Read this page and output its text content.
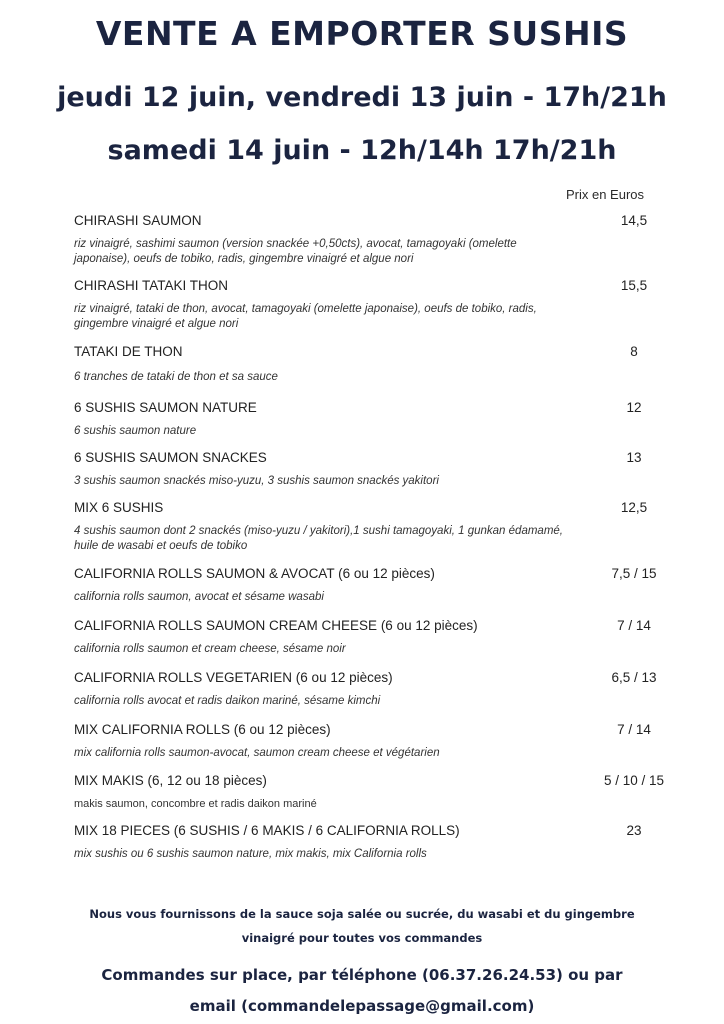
VENTE A EMPORTER SUSHIS
jeudi 12 juin, vendredi 13 juin - 17h/21h
samedi 14 juin - 12h/14h 17h/21h
Prix en Euros
CHIRASHI SAUMON	14,5
riz vinaigré, sashimi saumon (version snackée +0,50cts), avocat, tamagoyaki (omelette japonaise), oeufs de tobiko, radis, gingembre vinaigré et algue nori
CHIRASHI TATAKI THON	15,5
riz vinaigré, tataki de thon, avocat, tamagoyaki (omelette japonaise), oeufs de tobiko, radis, gingembre vinaigré et algue nori
TATAKI DE THON	8
6 tranches de tataki de thon et sa sauce
6 SUSHIS SAUMON NATURE	12
6 sushis saumon nature
6 SUSHIS SAUMON SNACKES	13
3 sushis saumon snackés miso-yuzu, 3 sushis saumon snackés yakitori
MIX 6 SUSHIS	12,5
4 sushis saumon dont 2 snackés (miso-yuzu / yakitori),1 sushi tamagoyaki, 1 gunkan édamamé, huile de wasabi et oeufs de tobiko
CALIFORNIA ROLLS SAUMON & AVOCAT (6 ou 12 pièces)	7,5 / 15
california rolls saumon, avocat et sésame wasabi
CALIFORNIA ROLLS SAUMON CREAM CHEESE (6 ou 12 pièces)	7 / 14
california rolls saumon et cream cheese, sésame noir
CALIFORNIA ROLLS VEGETARIEN (6 ou 12 pièces)	6,5 / 13
california rolls avocat et radis daikon mariné, sésame kimchi
MIX CALIFORNIA ROLLS (6 ou 12 pièces)	7 / 14
mix california rolls saumon-avocat, saumon cream cheese et végétarien
MIX MAKIS (6, 12 ou 18 pièces)	5 / 10 / 15
makis saumon, concombre et radis daikon mariné
MIX 18 PIECES (6 SUSHIS / 6 MAKIS / 6 CALIFORNIA ROLLS)	23
mix sushis ou 6 sushis saumon nature, mix makis, mix California rolls
Nous vous fournissons de la sauce soja salée ou sucrée, du wasabi et du gingembre
vinaigré pour toutes vos commandes
Commandes sur place, par téléphone (06.37.26.24.53) ou par
email (commandelepassage@gmail.com)
